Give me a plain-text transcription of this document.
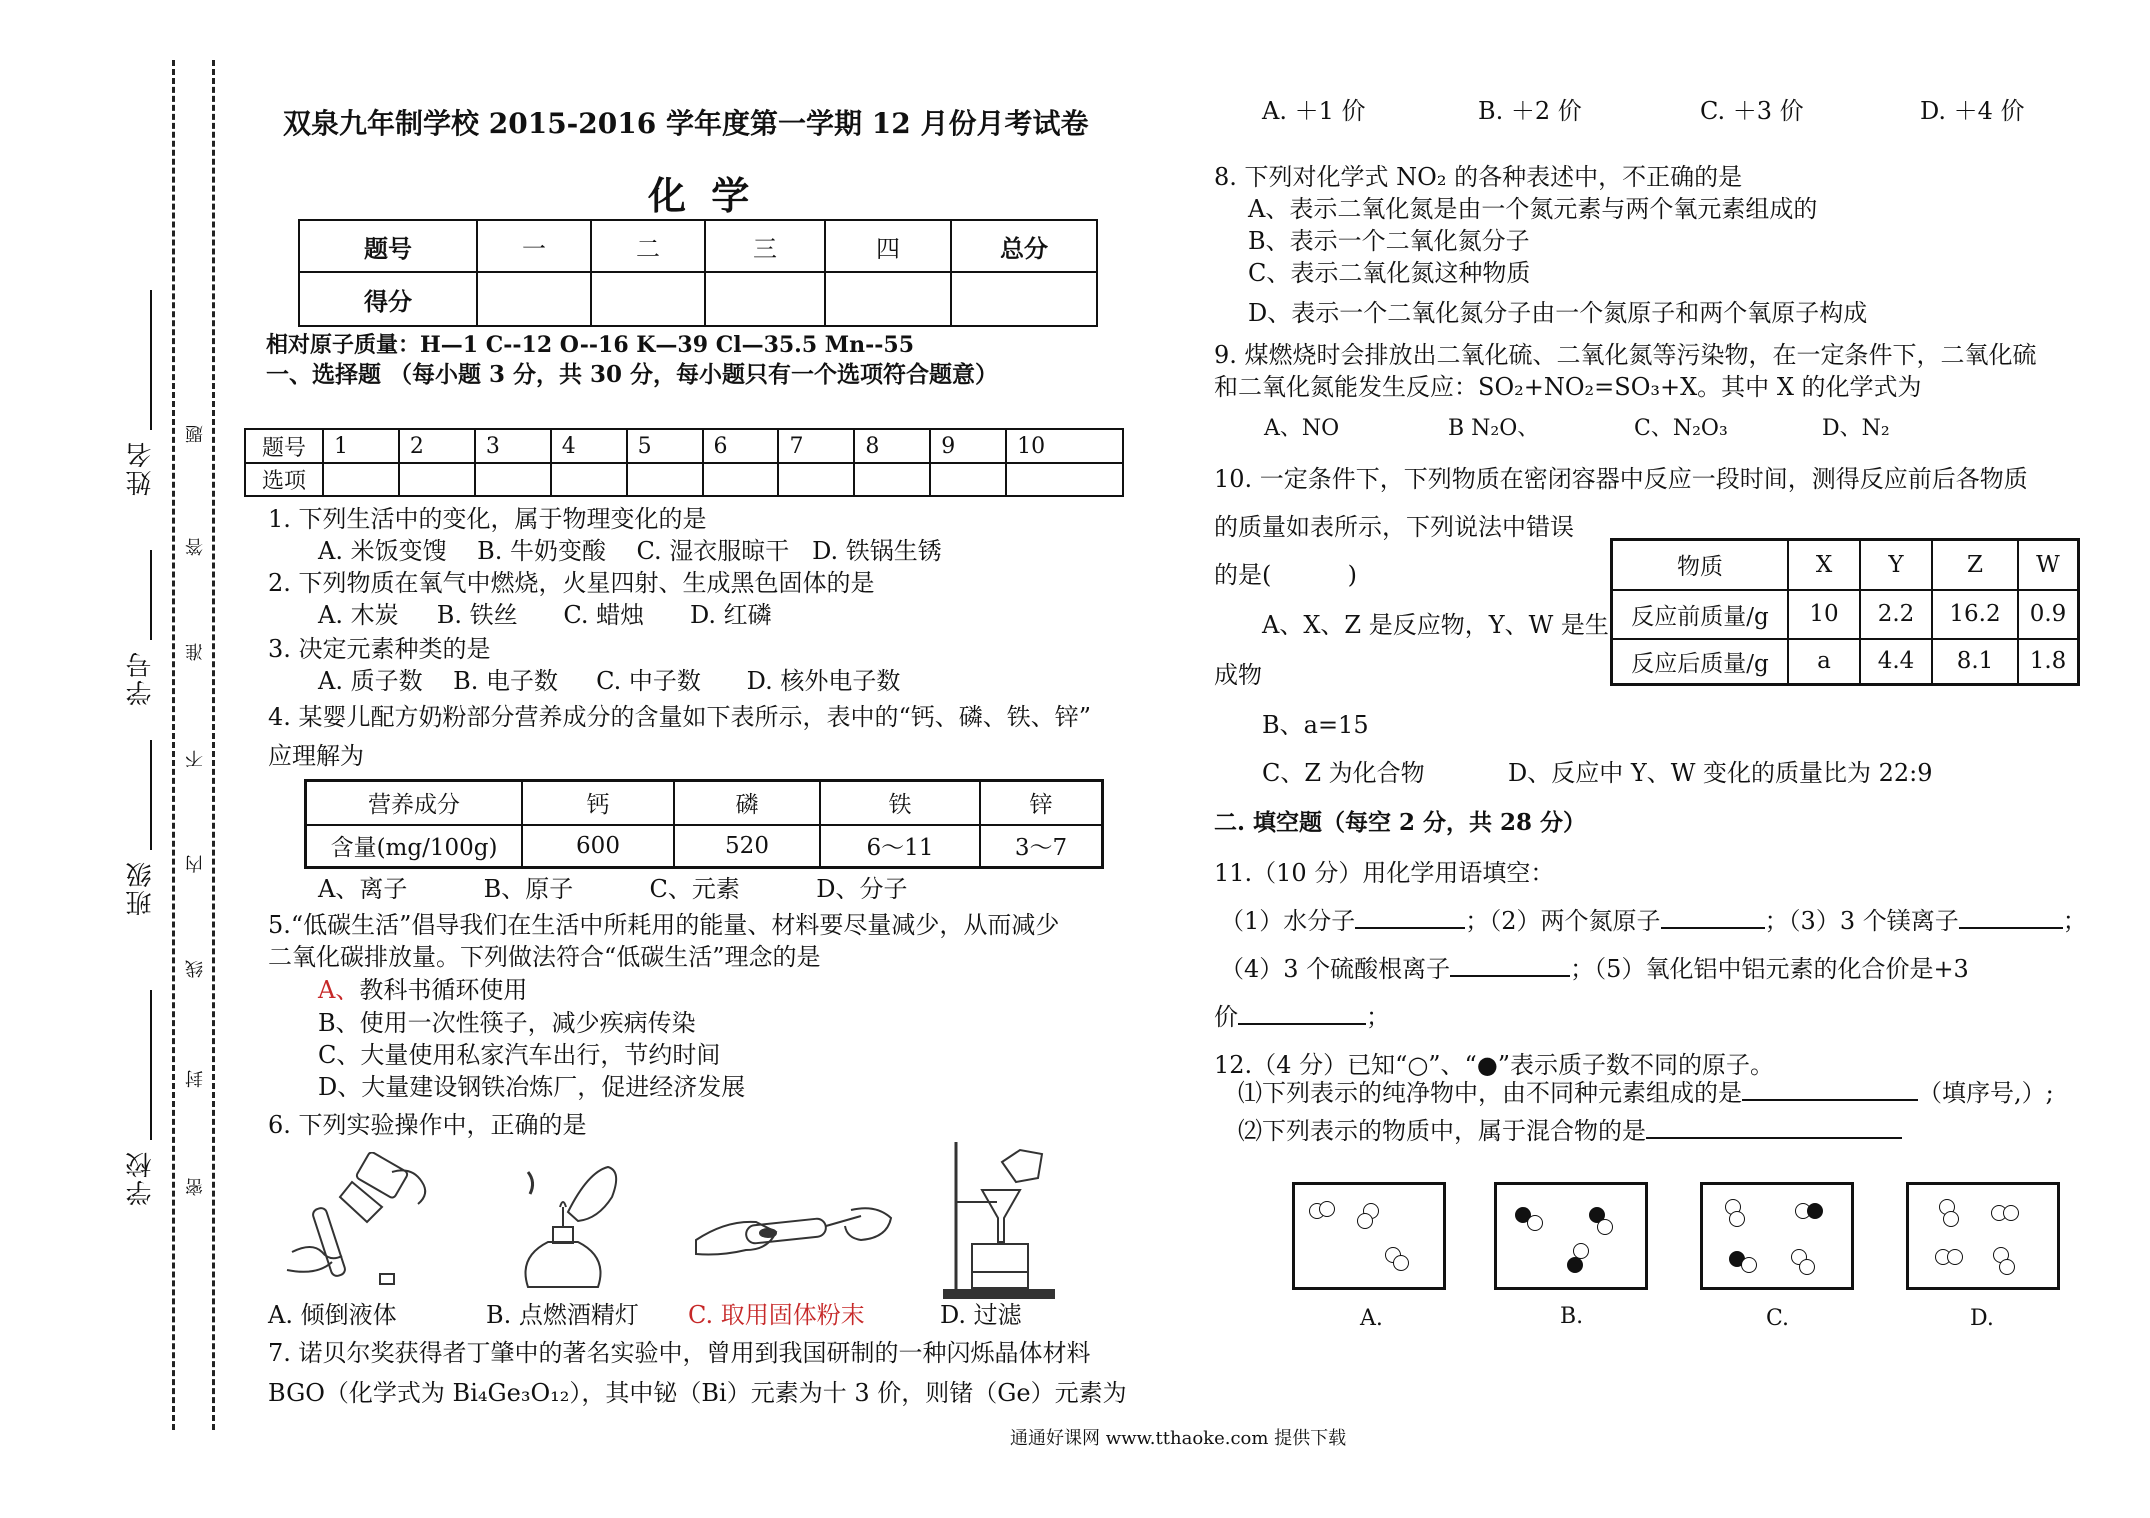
姓名
学号
班级
学校
题
答
准
不
内
线
封
密
双泉九年制学校 2015-2016 学年度第一学期 12 月份月考试卷
化 学
题号	一	二	三	四	总分
得分					
相对原子质量：H—1 C--12 O--16 K—39 Cl—35.5 Mn--55
一、选择题 （每小题 3 分，共 30 分，每小题只有一个选项符合题意）
题号	1	2	3	4	5	6	7	8	9	10
选项										
1. 下列生活中的变化，属于物理变化的是
A. 米饭变馊    B. 牛奶变酸    C. 湿衣服晾干   D. 铁锅生锈
2. 下列物质在氧气中燃烧，火星四射、生成黑色固体的是
A. 木炭     B. 铁丝      C. 蜡烛      D. 红磷
3. 决定元素种类的是
A. 质子数    B. 电子数     C. 中子数      D. 核外电子数
4. 某婴儿配方奶粉部分营养成分的含量如下表所示，表中的“钙、磷、铁、锌”
应理解为
营养成分	钙	磷	铁	锌
含量(mg/100g)	600	520	6～11	3～7
A、离子          B、原子          C、元素          D、分子
5.“低碳生活”倡导我们在生活中所耗用的能量、材料要尽量减少，从而减少
二氧化碳排放量。下列做法符合“低碳生活”理念的是
A、教科书循环使用
B、使用一次性筷子，减少疾病传染
C、大量使用私家汽车出行，节约时间
D、大量建设钢铁冶炼厂，促进经济发展
6. 下列实验操作中，正确的是
A. 倾倒液体	B. 点燃酒精灯 C. 取用固体粉末	D. 过滤
7. 诺贝尔奖获得者丁肇中的著名实验中，曾用到我国研制的一种闪烁晶体材料
BGO（化学式为 Bi₄Ge₃O₁₂），其中铋（Bi）元素为十 3 价，则锗（Ge）元素为
A. ＋1 价	B. ＋2 价	C. ＋3 价	D. ＋4 价
8. 下列对化学式 NO₂ 的各种表述中，不正确的是
A、表示二氧化氮是由一个氮元素与两个氧元素组成的
B、表示一个二氧化氮分子
C、表示二氧化氮这种物质
D、表示一个二氧化氮分子由一个氮原子和两个氧原子构成
9. 煤燃烧时会排放出二氧化硫、二氧化氮等污染物，在一定条件下，二氧化硫
和二氧化氮能发生反应：SO₂+NO₂=SO₃+X。其中 X 的化学式为
A、NO	B N₂O、	C、N₂O₃	D、N₂
10. 一定条件下，下列物质在密闭容器中反应一段时间，测得反应前后各物质
的质量如表所示，下列说法中错误
的是(          )
A、X、Z 是反应物，Y、W 是生
成物
B、a=15
C、Z 为化合物	D、反应中 Y、W 变化的质量比为 22:9
物质	X	Y	Z	W
反应前质量/g	10	2.2	16.2	0.9
反应后质量/g	a	4.4	8.1	1.8
二. 填空题（每空 2 分，共 28 分）
11.（10 分）用化学用语填空：
（1）水分子	；（2）两个氮原子	；（3）3 个镁离子	；
（4）3 个硫酸根离子	；（5）氧化铝中铝元素的化合价是+3
价	；
12.（4 分）已知“○”、“●”表示质子数不同的原子。
⑴下列表示的纯净物中，由不同种元素组成的是	（填序号,）;
⑵下列表示的物质中，属于混合物的是
A.	B.	C.	D.
通通好课网 www.tthaoke.com 提供下载
